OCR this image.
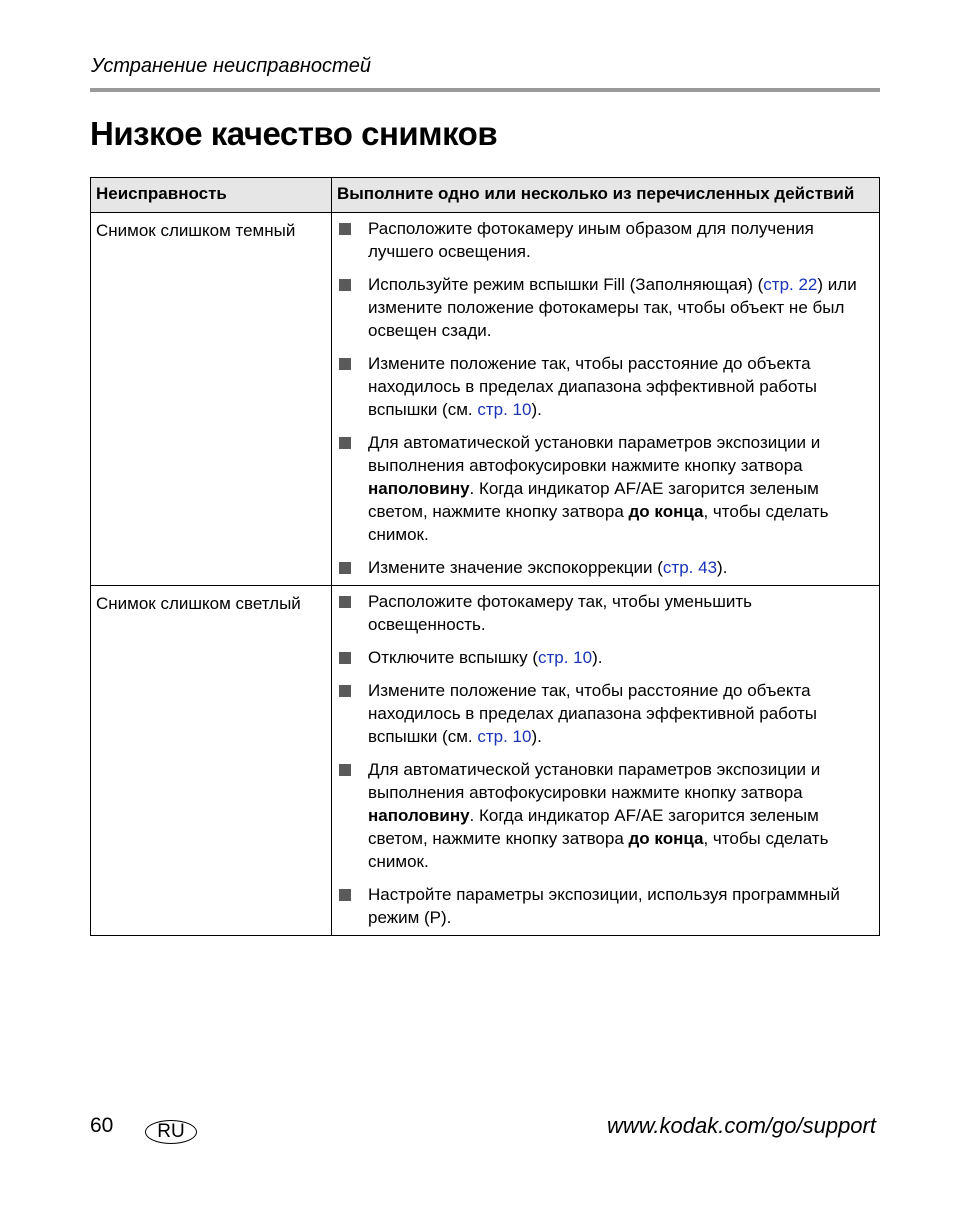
Устранение неисправностей
Низкое качество снимков
Неисправность	Выполните одно или несколько из перечисленных действий
Снимок слишком темный	Расположите фотокамеру иным образом для получения лучшего освещения.
Используйте режим вспышки Fill (Заполняющая) (стр. 22) или измените положение фотокамеры так, чтобы объект не был освещен сзади.
Измените положение так, чтобы расстояние до объекта находилось в пределах диапазона эффективной работы вспышки (см. стр. 10).
Для автоматической установки параметров экспозиции и выполнения автофокусировки нажмите кнопку затвора наполовину. Когда индикатор AF/AE загорится зеленым светом, нажмите кнопку затвора до конца, чтобы сделать снимок.
Измените значение экспокоррекции (стр. 43).

Снимок слишком светлый	Расположите фотокамеру так, чтобы уменьшить освещенность.
Отключите вспышку (стр. 10).
Измените положение так, чтобы расстояние до объекта находилось в пределах диапазона эффективной работы вспышки (см. стр. 10).
Для автоматической установки параметров экспозиции и выполнения автофокусировки нажмите кнопку затвора наполовину. Когда индикатор AF/AE загорится зеленым светом, нажмите кнопку затвора до конца, чтобы сделать снимок.
Настройте параметры экспозиции, используя программный режим (P).
60	RU	www.kodak.com/go/support
